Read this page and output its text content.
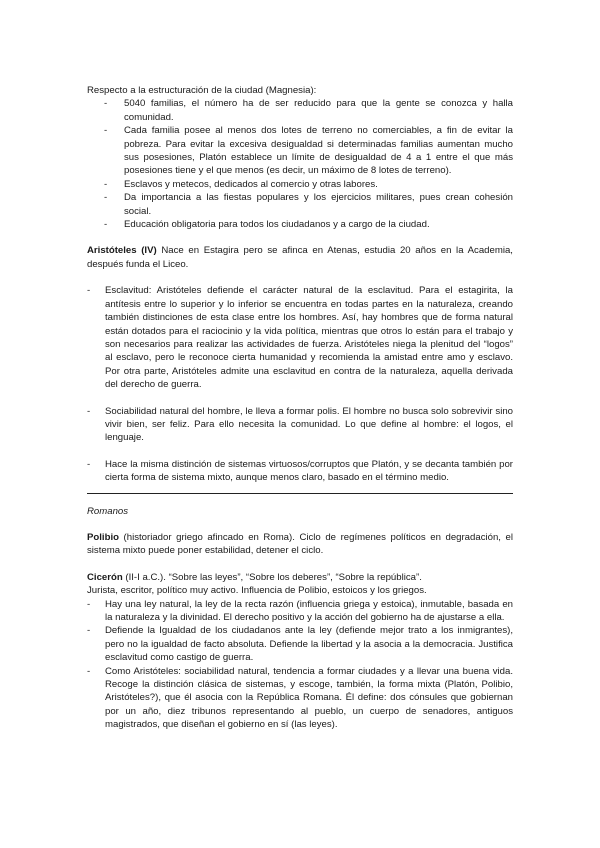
Respecto a la estructuración de la ciudad (Magnesia):

- 5040 familias, el número ha de ser reducido para que la gente se conozca y halla comunidad.
- Cada familia posee al menos dos lotes de terreno no comerciables, a fin de evitar la pobreza. Para evitar la excesiva desigualdad si determinadas familias aumentan mucho sus posesiones, Platón establece un límite de desigualdad de 4 a 1 entre el que más posesiones tiene y el que menos (es decir, un máximo de 8 lotes de terreno).
- Esclavos y metecos, dedicados al comercio y otras labores.
- Da importancia a las fiestas populares y los ejercicios militares, pues crean cohesión social.
- Educación obligatoria para todos los ciudadanos y a cargo de la ciudad.

Aristóteles (IV) Nace en Estagira pero se afinca en Atenas, estudia 20 años en la Academia, después funda el Liceo.

- Esclavitud: Aristóteles defiende el carácter natural de la esclavitud. Para el estagirita, la antítesis entre lo superior y lo inferior se encuentra en todas partes en la naturaleza, creando también distinciones de esta clase entre los hombres. Así, hay hombres que de forma natural están dotados para el raciocinio y la vida política, mientras que otros lo están para el trabajo y son necesarios para realizar las actividades de fuerza. Aristóteles niega la plenitud del “logos” al esclavo, pero le reconoce cierta humanidad y recomienda la amistad entre amo y esclavo. Por otra parte, Aristóteles admite una esclavitud en contra de la naturaleza, aquella derivada del derecho de guerra.
- Sociabilidad natural del hombre, le lleva a formar polis. El hombre no busca solo sobrevivir sino vivir bien, ser feliz. Para ello necesita la comunidad. Lo que define al hombre: el logos, el lenguaje.
- Hace la misma distinción de sistemas virtuosos/corruptos que Platón, y se decanta también por cierta forma de sistema mixto, aunque menos claro, basado en el término medio.

Romanos

Polibio (historiador griego afincado en Roma). Ciclo de regímenes políticos en degradación, el sistema mixto puede poner estabilidad, detener el ciclo.

Cicerón (II-I a.C.). “Sobre las leyes”, “Sobre los deberes”, “Sobre la república”.

Jurista, escritor, político muy activo. Influencia de Polibio, estoicos y los griegos.

- Hay una ley natural, la ley de la recta razón (influencia griega y estoica), inmutable, basada en la naturaleza y la divinidad. El derecho positivo y la acción del gobierno ha de ajustarse a ella.
- Defiende la Igualdad de los ciudadanos ante la ley (defiende mejor trato a los inmigrantes), pero no la igualdad de facto absoluta. Defiende la libertad y la asocia a la democracia. Justifica esclavitud como castigo de guerra.
- Como Aristóteles: sociabilidad natural, tendencia a formar ciudades y a llevar una buena vida. Recoge la distinción clásica de sistemas, y escoge, también, la forma mixta (Platón, Polibio, Aristóteles?), que él asocia con la República Romana. Él define: dos cónsules que gobiernan por un año, diez tribunos representando al pueblo, un cuerpo de senadores, antiguos magistrados, que diseñan el gobierno en sí (las leyes).
